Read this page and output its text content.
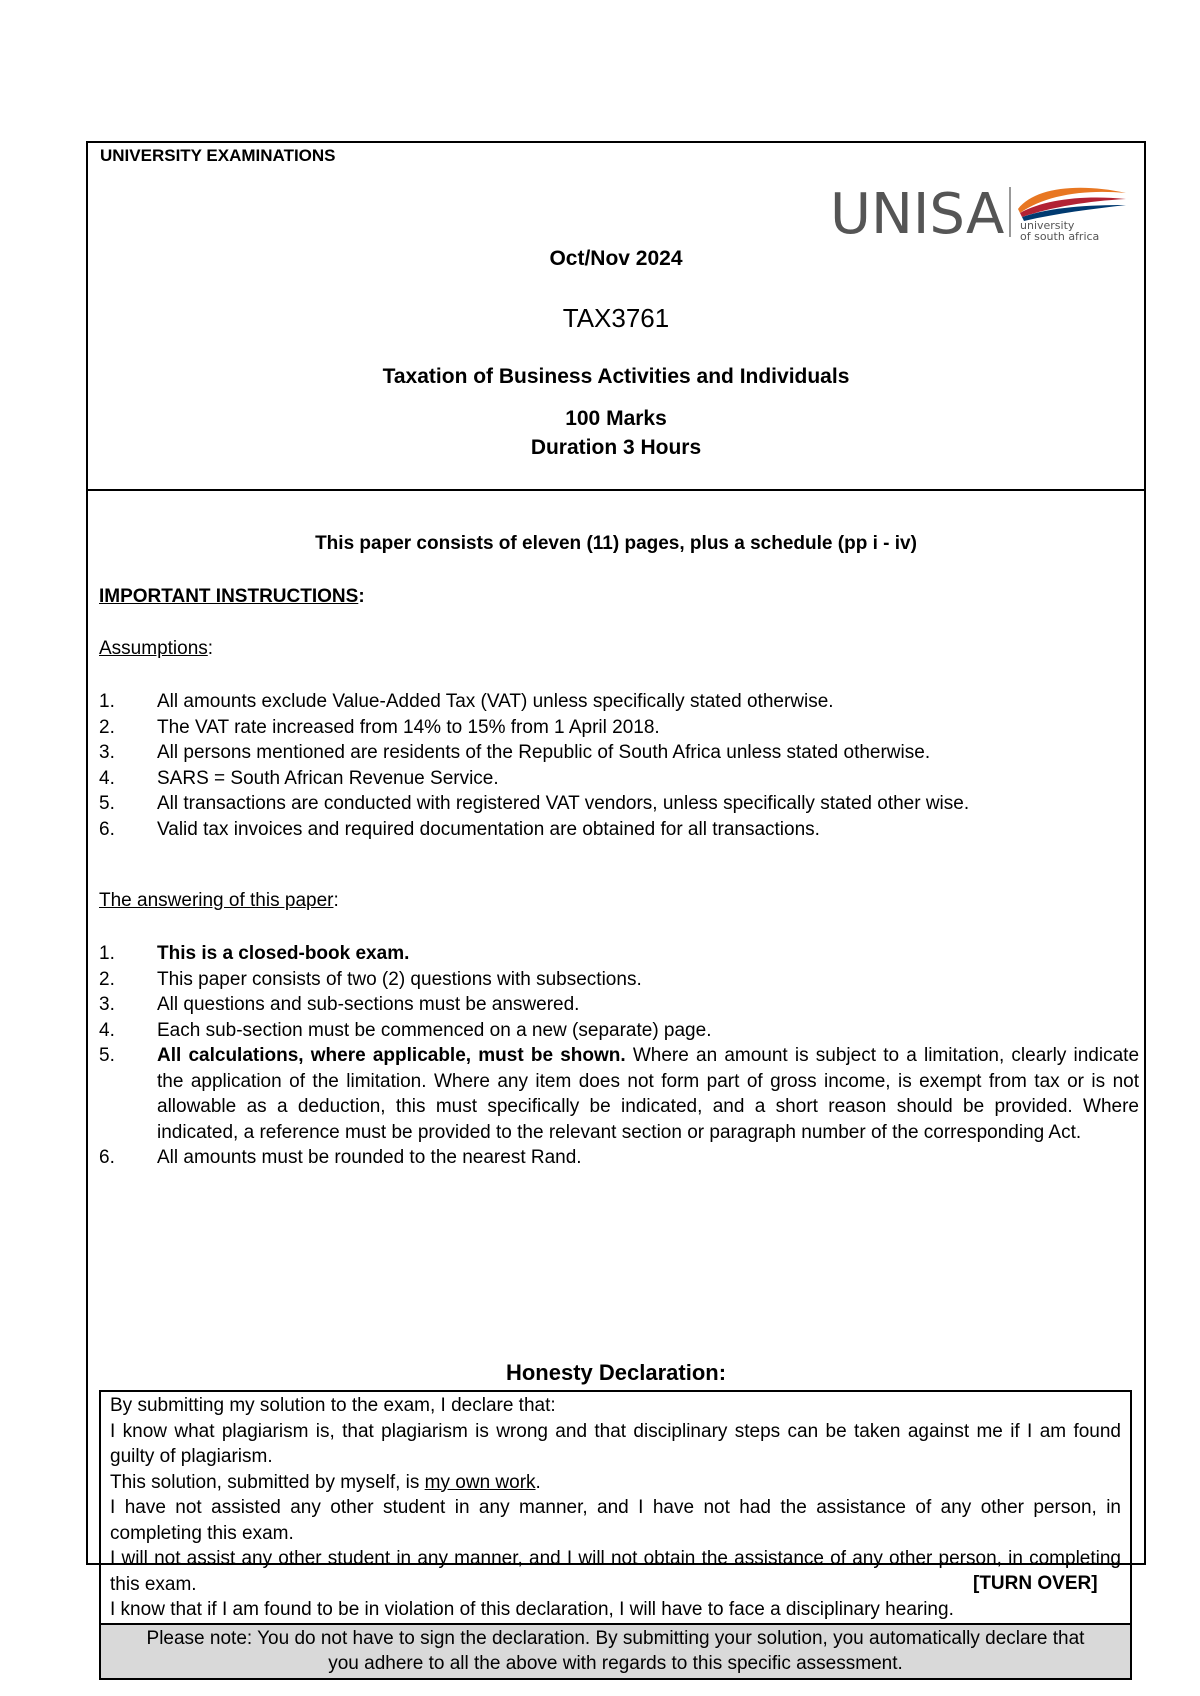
UNIVERSITY EXAMINATIONS
UNISA university
of south africa
Oct/Nov 2024
TAX3761
Taxation of Business Activities and Individuals
100 Marks
Duration 3 Hours
This paper consists of eleven (11) pages, plus a schedule (pp i - iv)
IMPORTANT INSTRUCTIONS:
Assumptions:
1. All amounts exclude Value-Added Tax (VAT) unless specifically stated otherwise.
2. The VAT rate increased from 14% to 15% from 1 April 2018.
3. All persons mentioned are residents of the Republic of South Africa unless stated otherwise.
4. SARS = South African Revenue Service.
5. All transactions are conducted with registered VAT vendors, unless specifically stated other wise.
6. Valid tax invoices and required documentation are obtained for all transactions.
The answering of this paper:
1. This is a closed-book exam.
2. This paper consists of two (2) questions with subsections.
3. All questions and sub-sections must be answered.
4. Each sub-section must be commenced on a new (separate) page.
5. All calculations, where applicable, must be shown. Where an amount is subject to a limitation, clearly indicate the application of the limitation. Where any item does not form part of gross income, is exempt from tax or is not allowable as a deduction, this must specifically be indicated, and a short reason should be provided. Where indicated, a reference must be provided to the relevant section or paragraph number of the corresponding Act.
6. All amounts must be rounded to the nearest Rand.
Honesty Declaration:

By submitting my solution to the exam, I declare that:

I know what plagiarism is, that plagiarism is wrong and that disciplinary steps can be taken against me if I am found guilty of plagiarism.

This solution, submitted by myself, is my own work.

I have not assisted any other student in any manner, and I have not had the assistance of any other person, in completing this exam.

I will not assist any other student in any manner, and I will not obtain the assistance of any other person, in completing this exam.

I know that if I am found to be in violation of this declaration, I will have to face a disciplinary hearing.

Please note: You do not have to sign the declaration. By submitting your solution, you automatically declare that you adhere to all the above with regards to this specific assessment.
[TURN OVER]
